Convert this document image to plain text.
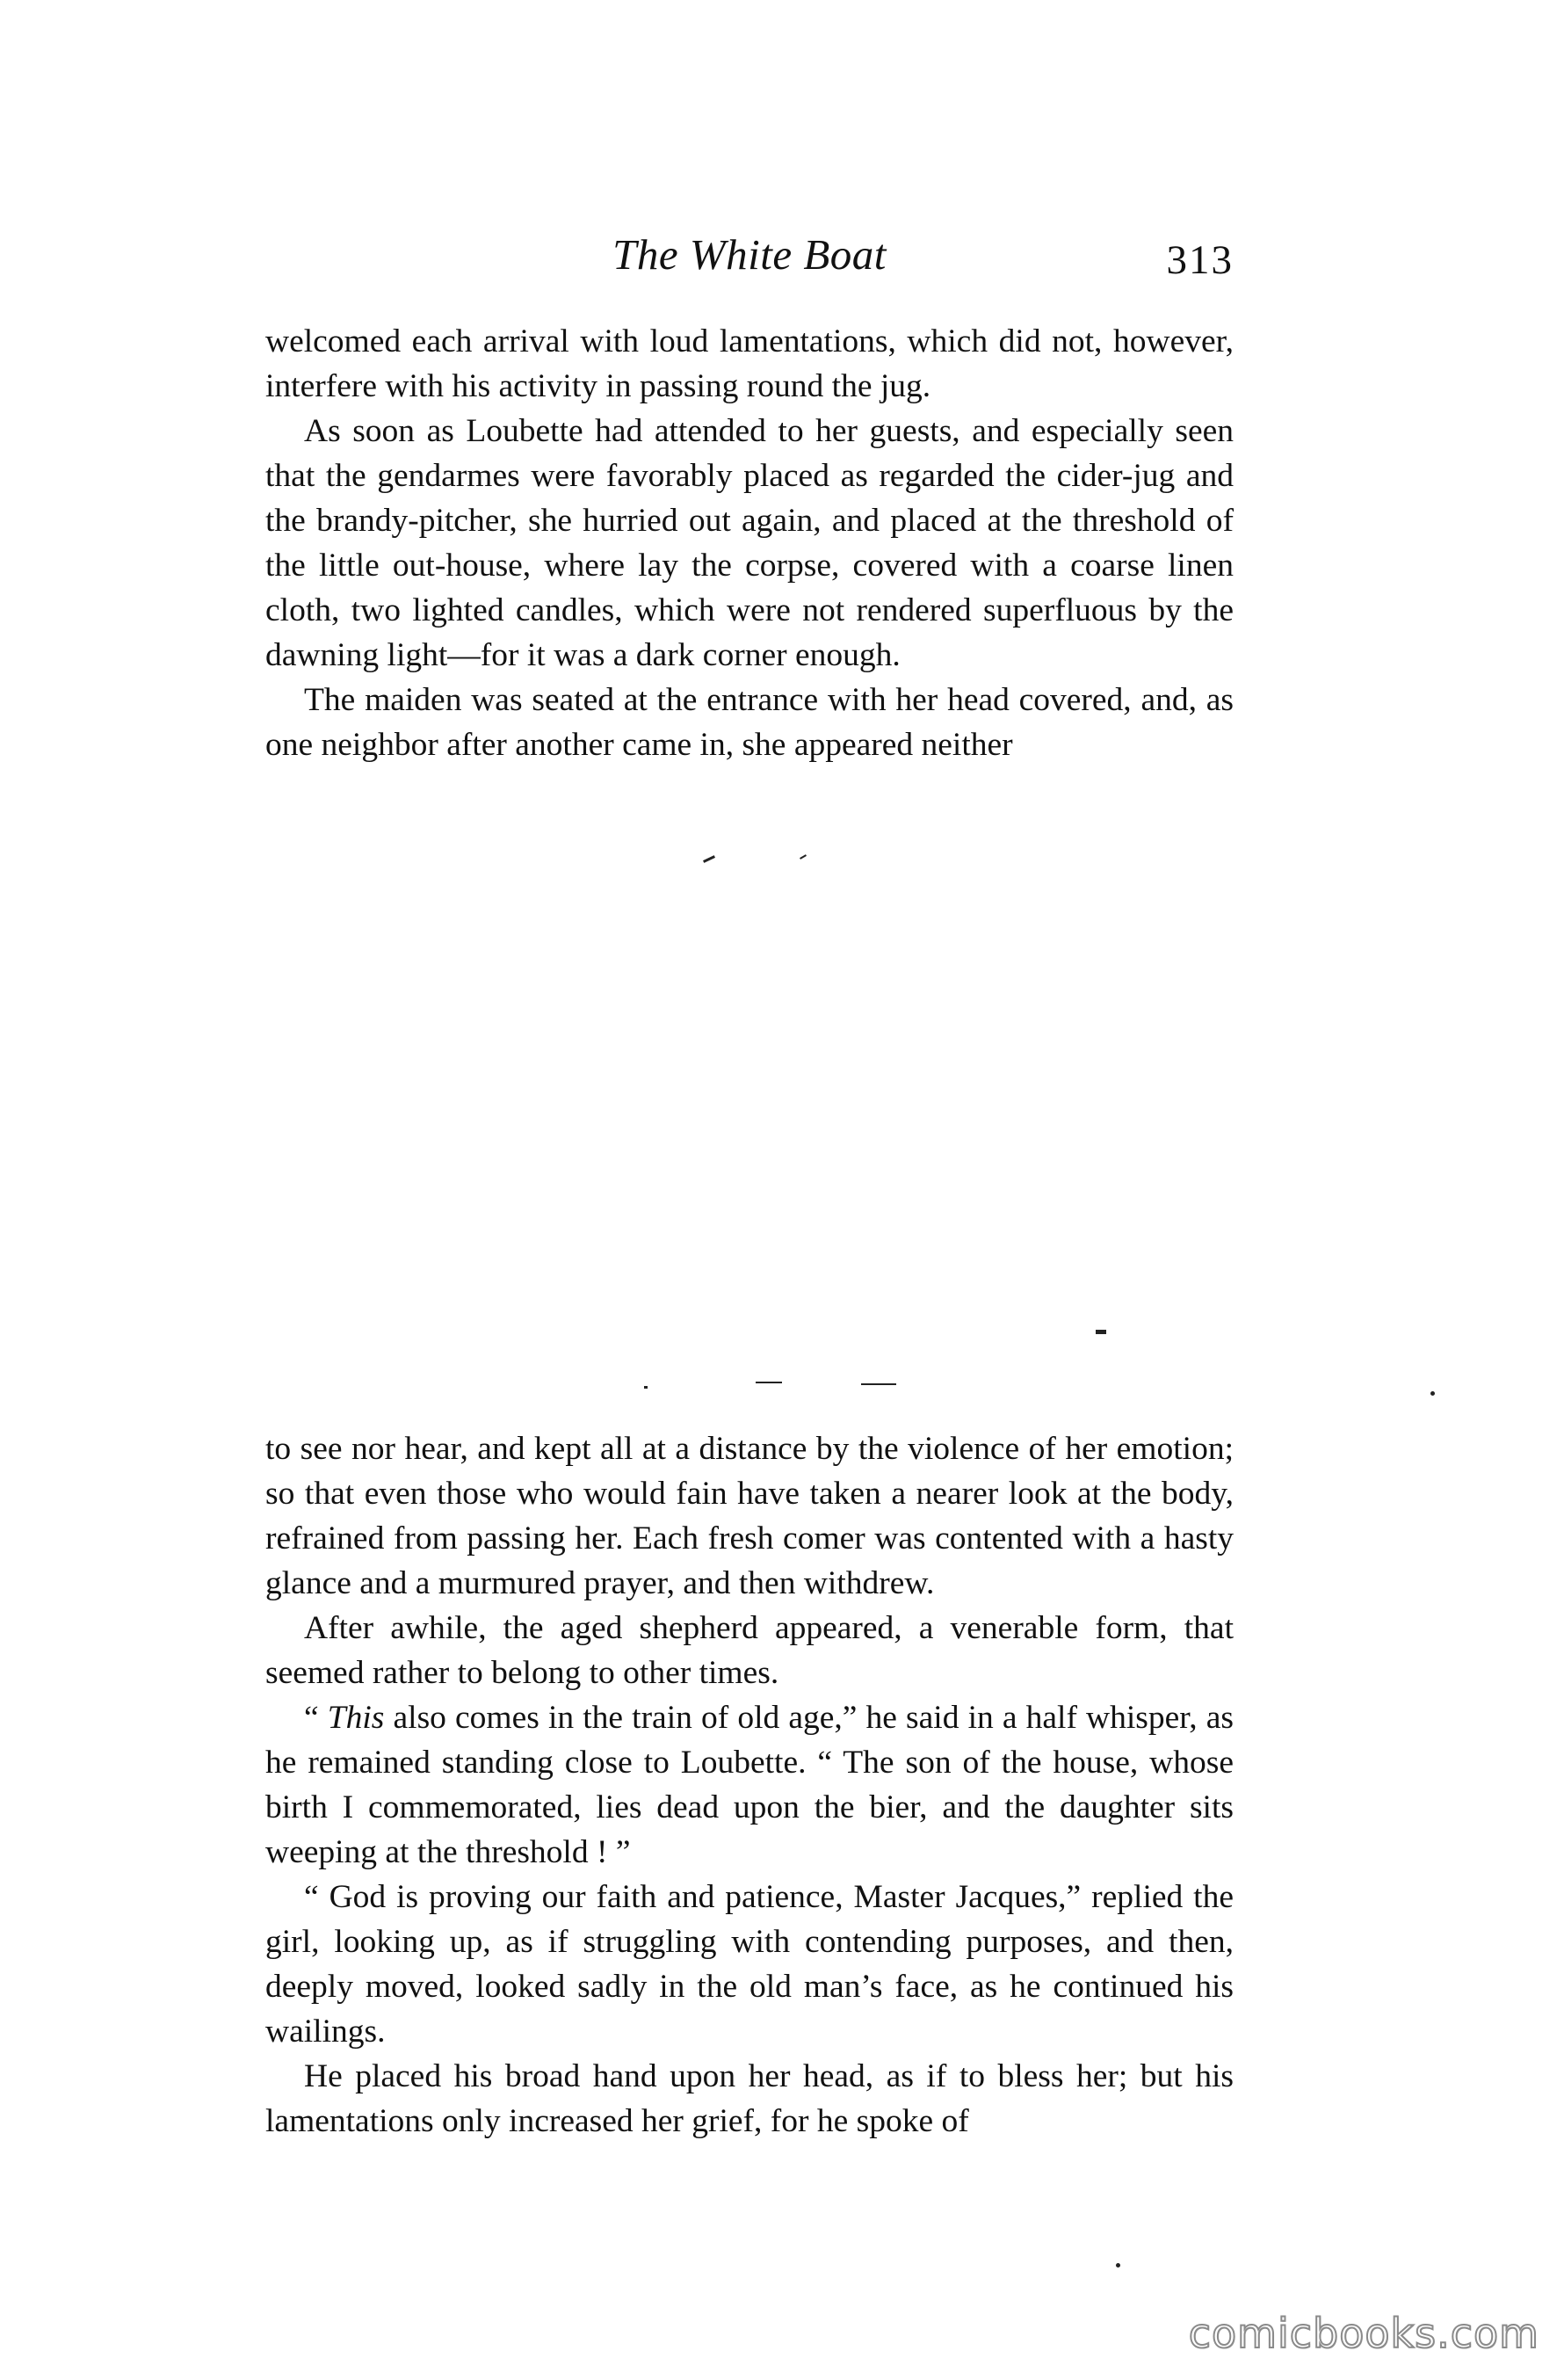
The White Boat	313

welcomed each arrival with loud lamentations, which did not, however, interfere with his activity in passing round the jug.

As soon as Loubette had attended to her guests, and especially seen that the gendarmes were favorably placed as regarded the cider-jug and the brandy-pitcher, she hurried out again, and placed at the threshold of the little out-house, where lay the corpse, covered with a coarse linen cloth, two lighted candles, which were not rendered superfluous by the dawning light—for it was a dark corner enough.

The maiden was seated at the entrance with her head covered, and, as one neighbor after another came in, she appeared neither

to see nor hear, and kept all at a distance by the violence of her emotion; so that even those who would fain have taken a nearer look at the body, refrained from passing her. Each fresh comer was contented with a hasty glance and a murmured prayer, and then withdrew.

After awhile, the aged shepherd appeared, a venerable form, that seemed rather to belong to other times.

“ This also comes in the train of old age,” he said in a half whisper, as he remained standing close to Loubette. “ The son of the house, whose birth I commemorated, lies dead upon the bier, and the daughter sits weeping at the threshold ! ”

“ God is proving our faith and patience, Master Jacques,” replied the girl, looking up, as if struggling with contending purposes, and then, deeply moved, looked sadly in the old man’s face, as he continued his wailings.

He placed his broad hand upon her head, as if to bless her; but his lamentations only increased her grief, for he spoke of

comicbooks.com
